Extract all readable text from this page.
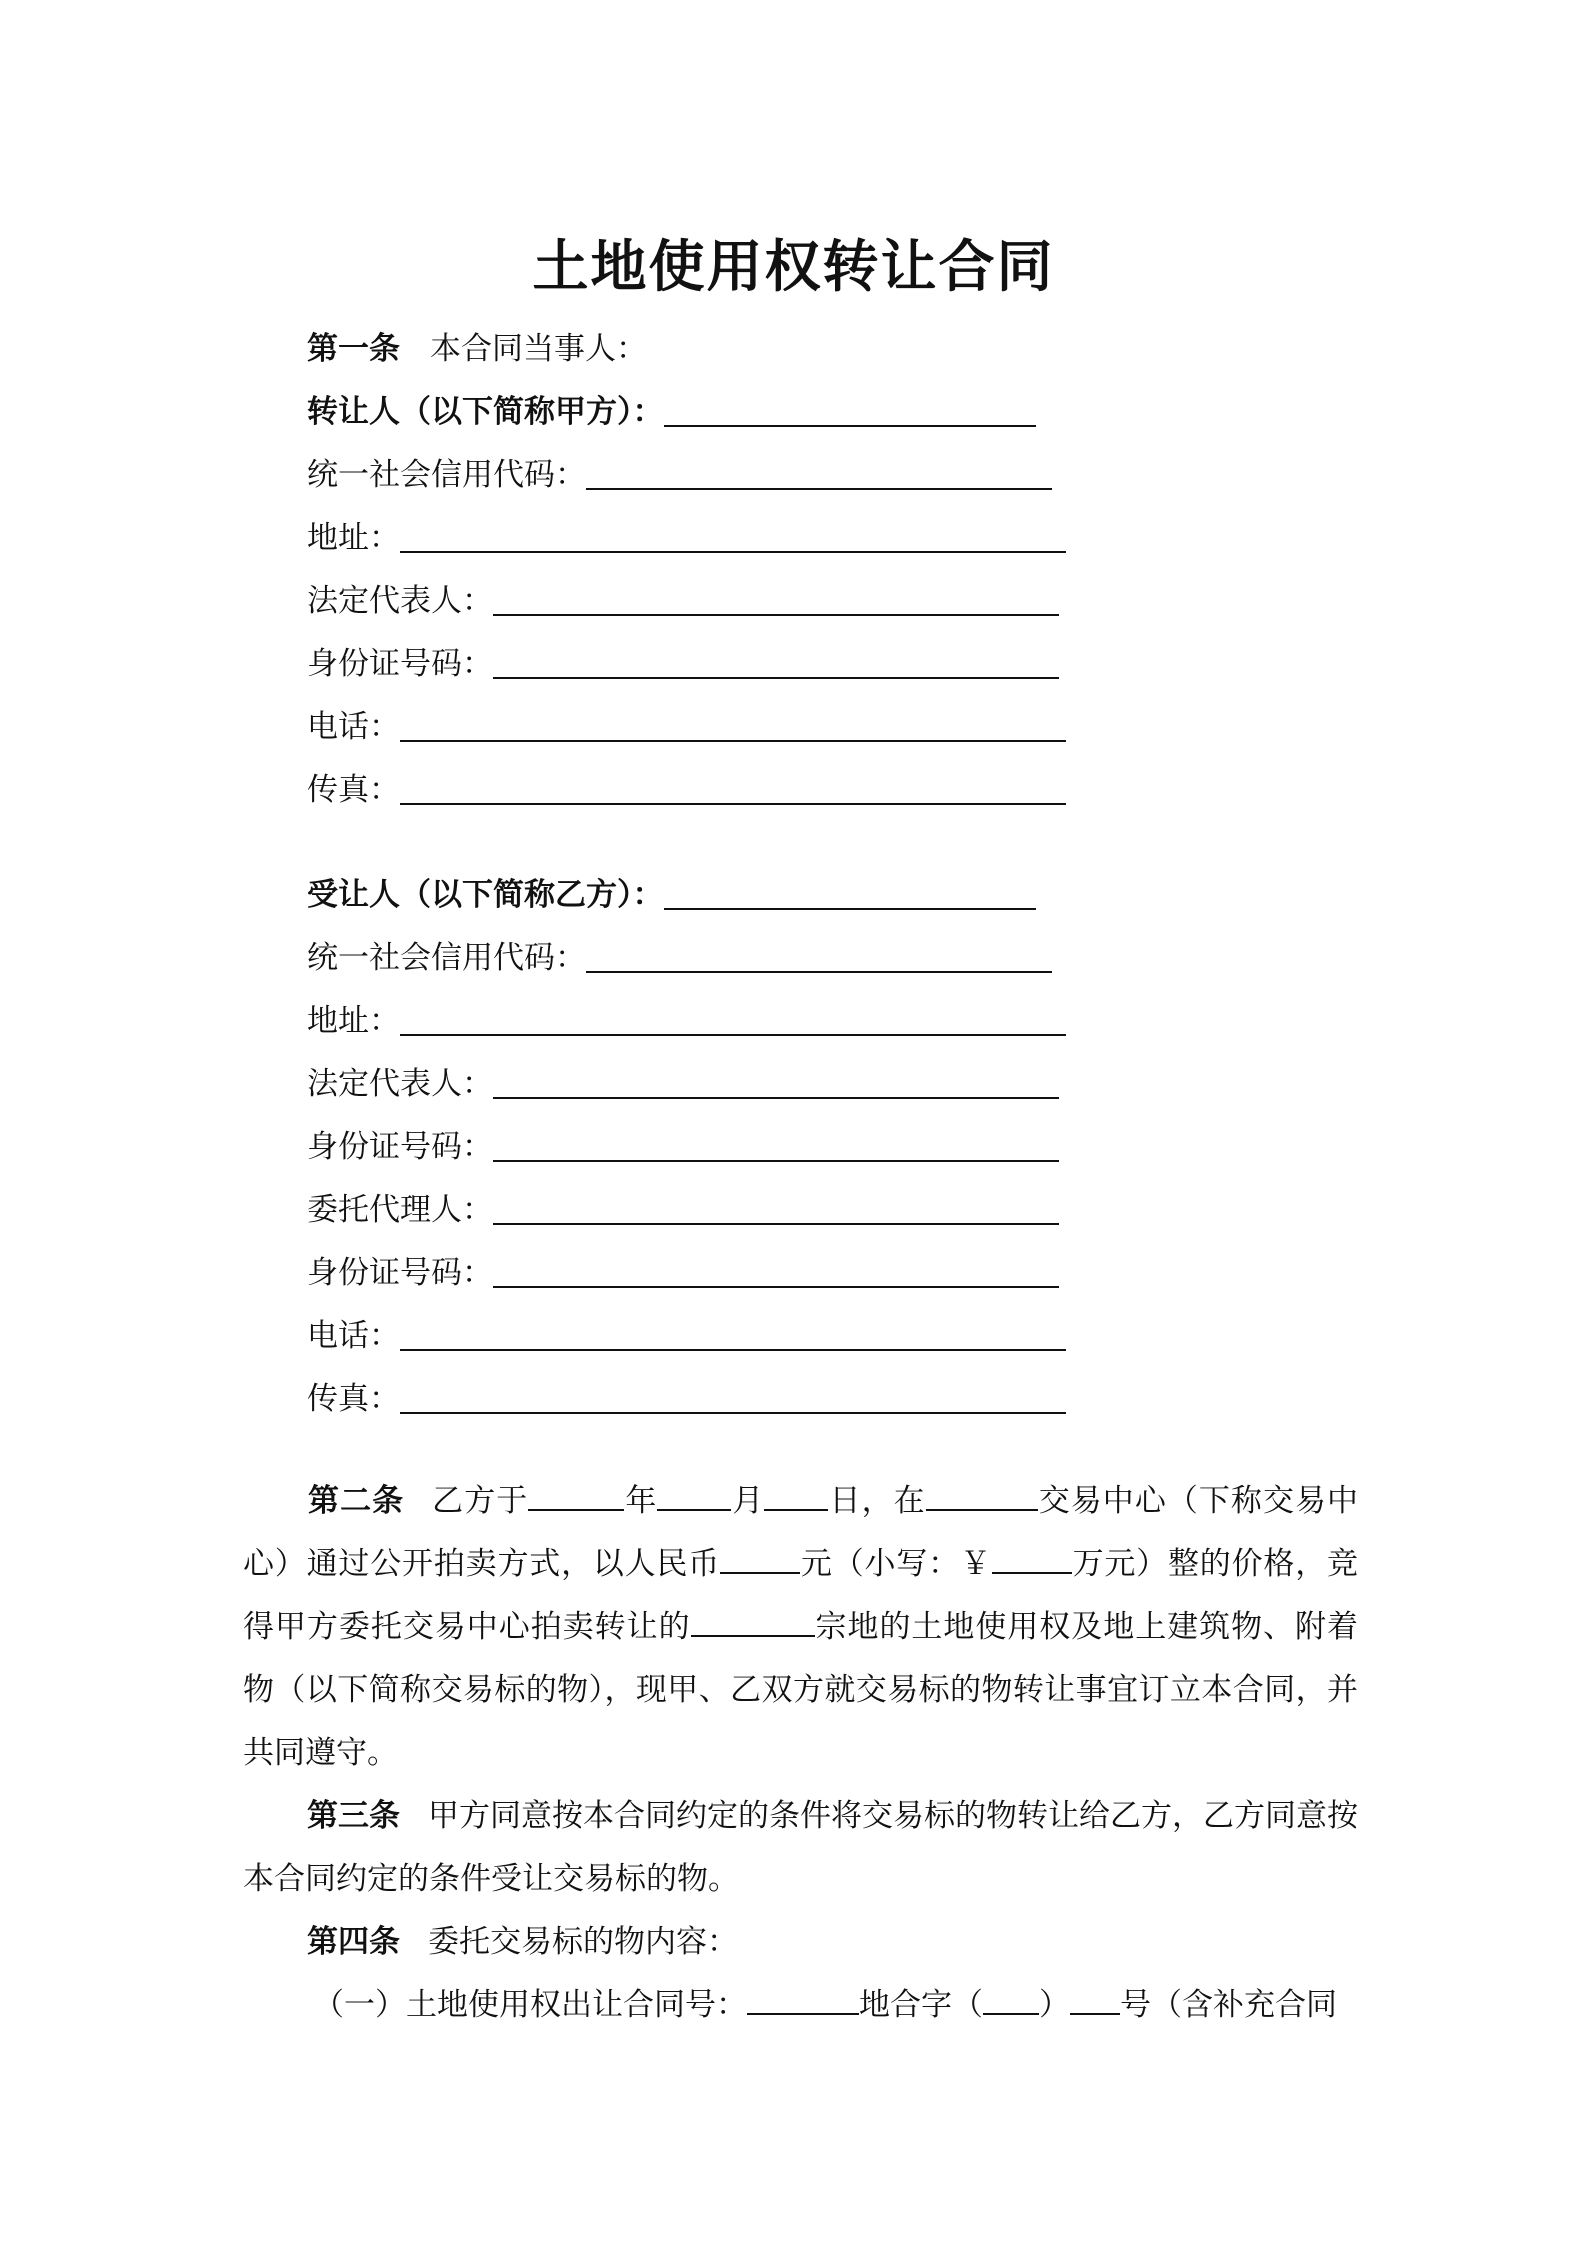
土地使用权转让合同
第一条 本合同当事人：
转让人（以下简称甲方）：
统一社会信用代码：
地址：
法定代表人：
身份证号码：
电话：
传真：
受让人（以下简称乙方）：
统一社会信用代码：
地址：
法定代表人：
身份证号码：
委托代理人：
身份证号码：
电话：
传真：
第二条 乙方于	年 月 日，在	交易中心（下称交易中心）通过公开拍卖方式，以人民币	元（小写：￥	万元）整的价格，竞得甲方委托交易中心拍卖转让的	宗地的土地使用权及地上建筑物、附着物（以下简称交易标的物），现甲、乙双方就交易标的物转让事宜订立本合同，并共同遵守。
第三条 甲方同意按本合同约定的条件将交易标的物转让给乙方，乙方同意按本合同约定的条件受让交易标的物。
第四条 委托交易标的物内容：
（一）土地使用权出让合同号：	地合字（ ） 号（含补充合同
